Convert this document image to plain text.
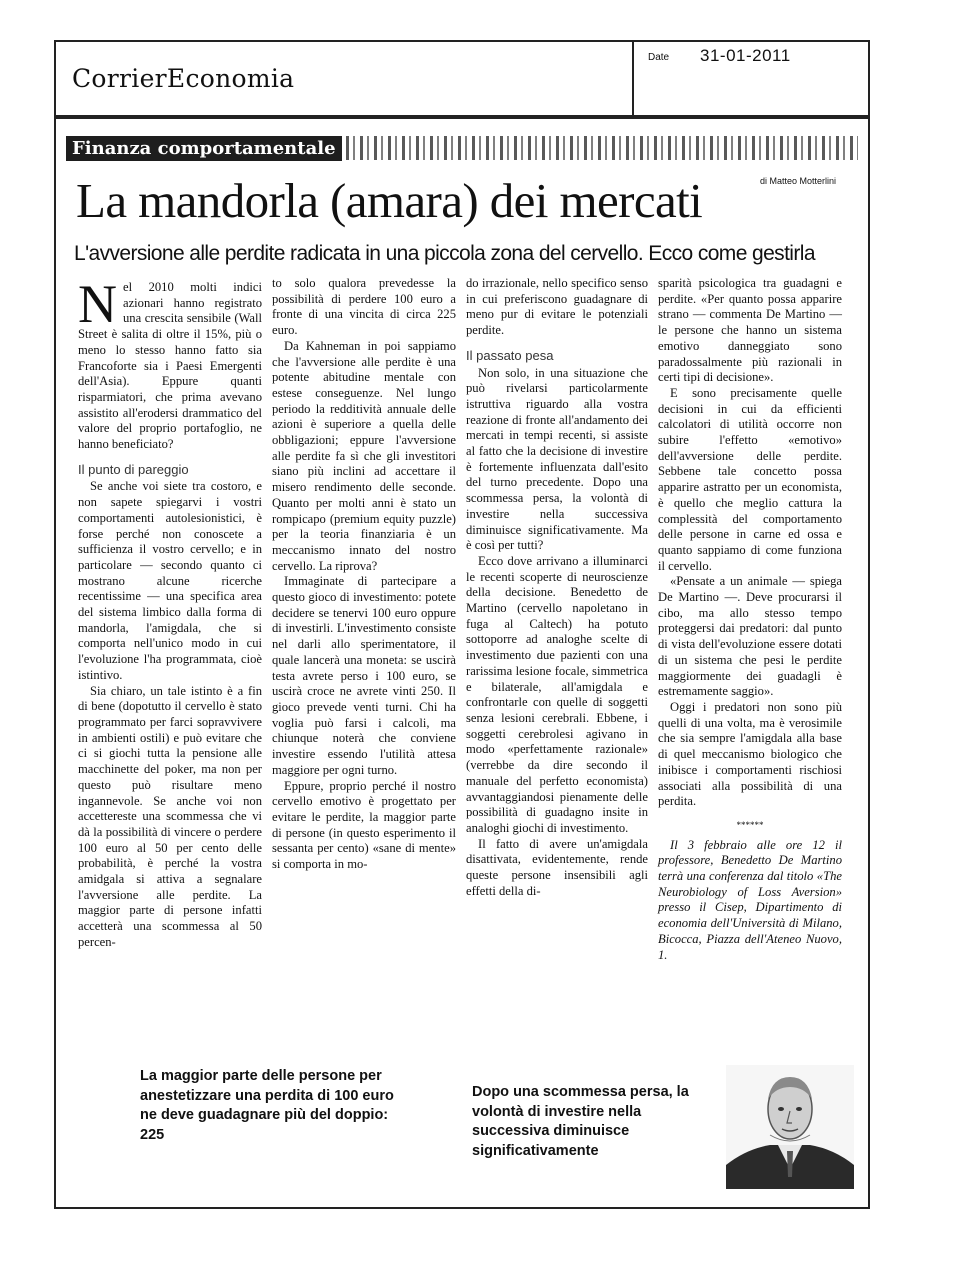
CorrierEconomia
Date 31-01-2011
Finanza comportamentale
La mandorla (amara) dei mercati	di Matteo Motterlini
L'avversione alle perdite radicata in una piccola zona del cervello. Ecco come gestirla
N el 2010 molti indici azionari hanno registrato una crescita sensibile (Wall Street è salita di oltre il 15%, più o meno lo stesso hanno fatto sia Francoforte sia i Paesi Emergenti dell'Asia). Eppure quanti risparmiatori, che prima avevano assistito all'erodersi drammatico del valore del proprio portafoglio, ne hanno beneficiato?

Il punto di pareggio

Se anche voi siete tra costoro, e non sapete spiegarvi i vostri comportamenti autolesionistici, è forse perché non conoscete a sufficienza il vostro cervello; e in particolare — secondo quanto ci mostrano alcune ricerche recentissime — una specifica area del sistema limbico dalla forma di mandorla, l'amigdala, che si comporta nell'unico modo in cui l'evoluzione l'ha programmata, cioè istintivo.

Sia chiaro, un tale istinto è a fin di bene (dopotutto il cervello è stato programmato per farci sopravvivere in ambienti ostili) e può evitare che ci si giochi tutta la pensione alle macchinette del poker, ma non per questo può risultare meno ingannevole. Se anche voi non accettereste una scommessa che vi dà la possibilità di vincere o perdere 100 euro al 50 per cento delle probabilità, è perché la vostra amidgala si attiva a segnalare l'avversione alle perdite. La maggior parte di persone infatti accetterà una scommessa al 50 percen-

to solo qualora prevedesse la possibilità di perdere 100 euro a fronte di una vincita di circa 225 euro.

Da Kahneman in poi sappiamo che l'avversione alle perdite è una potente abitudine mentale con estese conseguenze. Nel lungo periodo la redditività annuale delle azioni è superiore a quella delle obbligazioni; eppure l'avversione alle perdite fa sì che gli investitori siano più inclini ad accettare il misero rendimento delle seconde. Quanto per molti anni è stato un rompicapo (premium equity puzzle) per la teoria finanziaria è un meccanismo innato del nostro cervello. La riprova?

Immaginate di partecipare a questo gioco di investimento: potete decidere se tenervi 100 euro oppure di investirli. L'investimento consiste nel darli allo sperimentatore, il quale lancerà una moneta: se uscirà testa avrete perso i 100 euro, se uscirà croce ne avrete vinti 250. Il gioco prevede venti turni. Chi ha voglia può farsi i calcoli, ma chiunque noterà che conviene investire essendo l'utilità attesa maggiore per ogni turno.

Eppure, proprio perché il nostro cervello emotivo è progettato per evitare le perdite, la maggior parte di persone (in questo esperimento il sessanta per cento) «sane di mente» si comporta in mo-

do irrazionale, nello specifico senso in cui preferiscono guadagnare di meno pur di evitare le potenziali perdite.

Il passato pesa

Non solo, in una situazione che può rivelarsi particolarmente istruttiva riguardo alla vostra reazione di fronte all'andamento dei mercati in tempi recenti, si assiste al fatto che la decisione di investire è fortemente influenzata dall'esito del turno precedente. Dopo una scommessa persa, la volontà di investire nella successiva diminuisce significativamente. Ma è così per tutti?

Ecco dove arrivano a illuminarci le recenti scoperte di neuroscienze della decisione. Benedetto de Martino (cervello napoletano in fuga al Caltech) ha potuto sottoporre ad analoghe scelte di investimento due pazienti con una rarissima lesione focale, simmetrica e bilaterale, all'amigdala e confrontarle con quelle di soggetti senza lesioni cerebrali. Ebbene, i soggetti cerebrolesi agivano in modo «perfettamente razionale» (verrebbe da dire secondo il manuale del perfetto economista) avvantaggiandosi pienamente delle possibilità di guadagno insite in analoghi giochi di investimento.

Il fatto di avere un'amigdala disattivata, evidentemente, rende queste persone insensibili agli effetti della di-

sparità psicologica tra guadagni e perdite. «Per quanto possa apparire strano — commenta De Martino — le persone che hanno un sistema emotivo danneggiato sono paradossalmente più razionali in certi tipi di decisione».

E sono precisamente quelle decisioni in cui da efficienti calcolatori di utilità occorre non subire l'effetto «emotivo» dell'avversione delle perdite. Sebbene tale concetto possa apparire astratto per un economista, è quello che meglio cattura la complessità del comportamento delle persone in carne ed ossa e quanto sappiamo di come funziona il cervello.

«Pensate a un animale — spiega De Martino —. Deve procurarsi il cibo, ma allo stesso tempo proteggersi dai predatori: dal punto di vista dell'evoluzione essere dotati di un sistema che pesi le perdite maggiormente dei guadagli è estremamente saggio».

Oggi i predatori non sono più quelli di una volta, ma è verosimile che sia sempre l'amigdala alla base di quel meccanismo biologico che inibisce i comportamenti rischiosi associati alla possibilità di una perdita.

******

Il 3 febbraio alle ore 12 il professore, Benedetto De Martino terrà una conferenza dal titolo «The Neurobiology of Loss Aversion» presso il Cisep, Dipartimento di economia dell'Università di Milano, Bicocca, Piazza dell'Ateneo Nuovo, 1.

La maggior parte delle persone per anestetizzare una perdita di 100 euro ne deve guadagnare più del doppio: 225
Dopo una scommessa persa, la volontà di investire nella successiva diminuisce significativamente
